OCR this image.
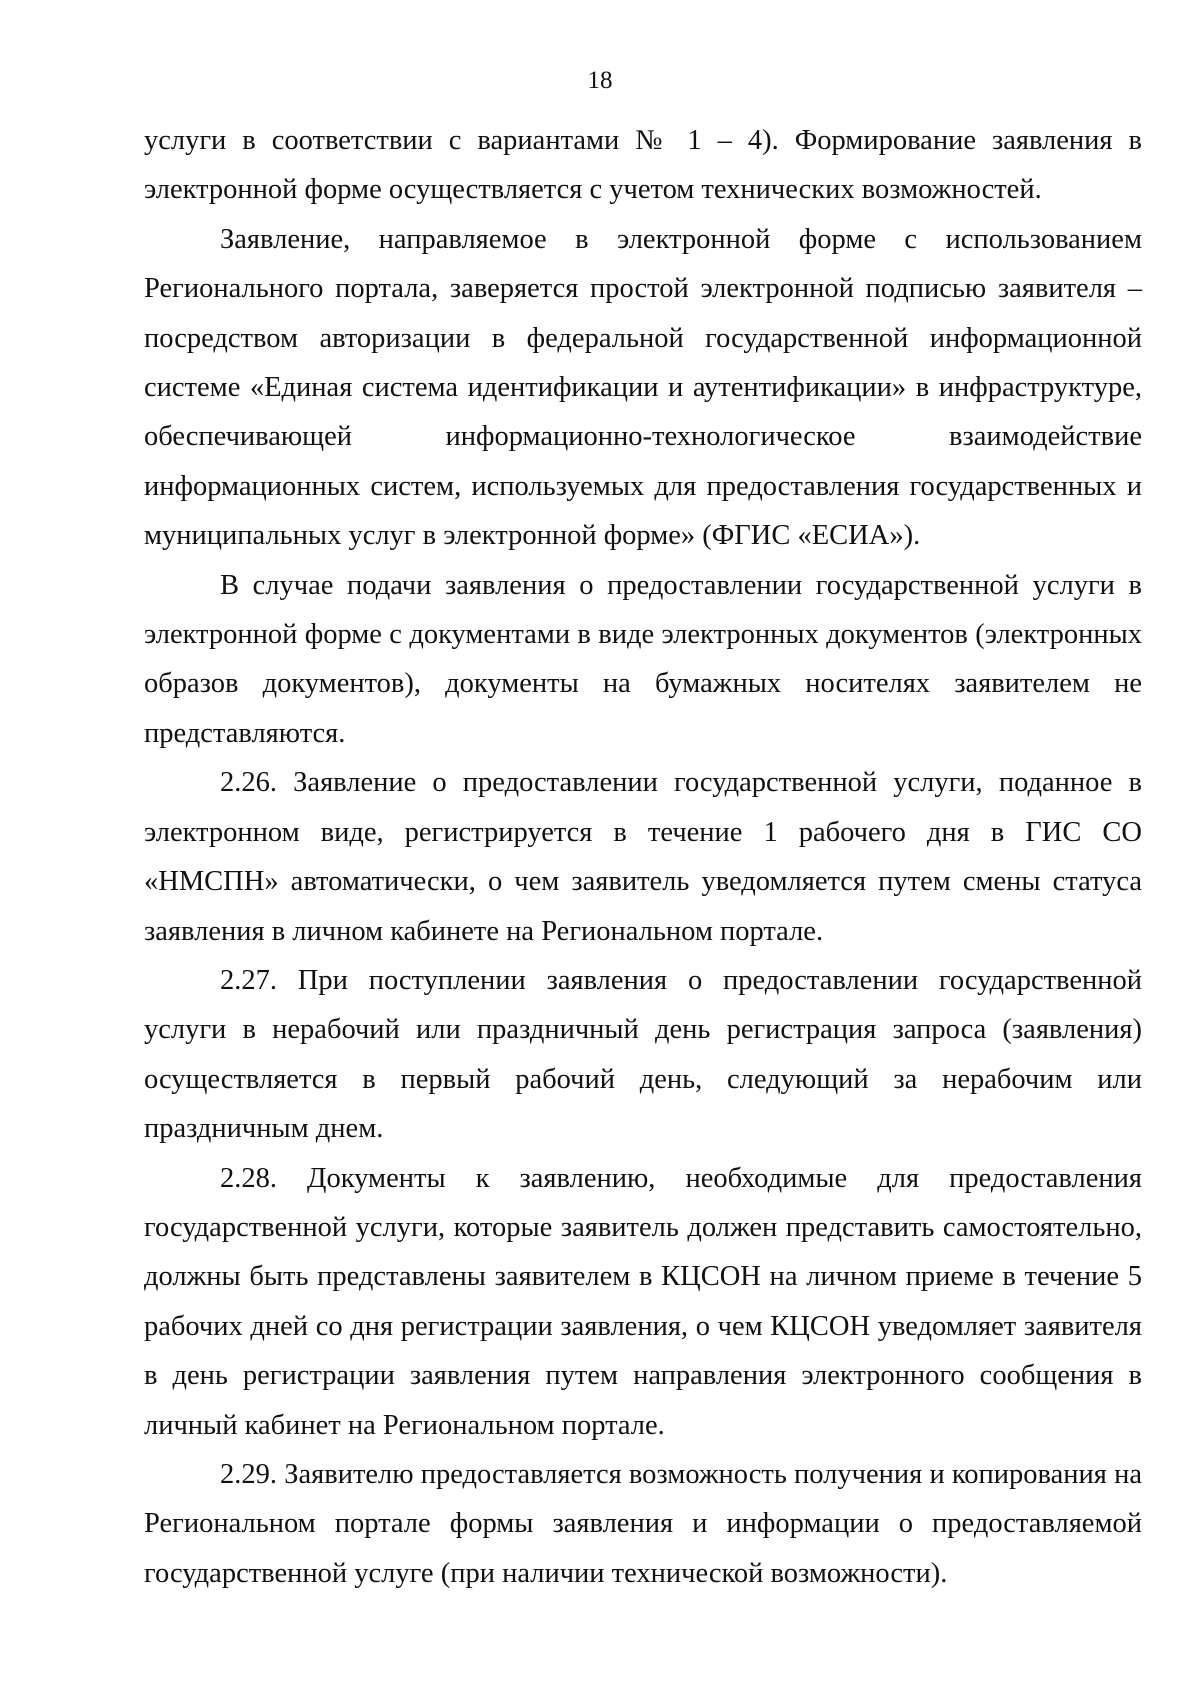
18

услуги в соответствии с вариантами № 1 – 4). Формирование заявления в электронной форме осуществляется с учетом технических возможностей.

Заявление, направляемое в электронной форме с использованием Регионального портала, заверяется простой электронной подписью заявителя – посредством авторизации в федеральной государственной информационной системе «Единая система идентификации и аутентификации» в инфраструктуре, обеспечивающей информационно-технологическое взаимодействие информационных систем, используемых для предоставления государственных и муниципальных услуг в электронной форме» (ФГИС «ЕСИА»).

В случае подачи заявления о предоставлении государственной услуги в электронной форме с документами в виде электронных документов (электронных образов документов), документы на бумажных носителях заявителем не представляются.

2.26. Заявление о предоставлении государственной услуги, поданное в электронном виде, регистрируется в течение 1 рабочего дня в ГИС СО «НМСПН» автоматически, о чем заявитель уведомляется путем смены статуса заявления в личном кабинете на Региональном портале.

2.27. При поступлении заявления о предоставлении государственной услуги в нерабочий или праздничный день регистрация запроса (заявления) осуществляется в первый рабочий день, следующий за нерабочим или праздничным днем.

2.28. Документы к заявлению, необходимые для предоставления государственной услуги, которые заявитель должен представить самостоятельно, должны быть представлены заявителем в КЦСОН на личном приеме в течение 5 рабочих дней со дня регистрации заявления, о чем КЦСОН уведомляет заявителя в день регистрации заявления путем направления электронного сообщения в личный кабинет на Региональном портале.

2.29. Заявителю предоставляется возможность получения и копирования на Региональном портале формы заявления и информации о предоставляемой государственной услуге (при наличии технической возможности).
